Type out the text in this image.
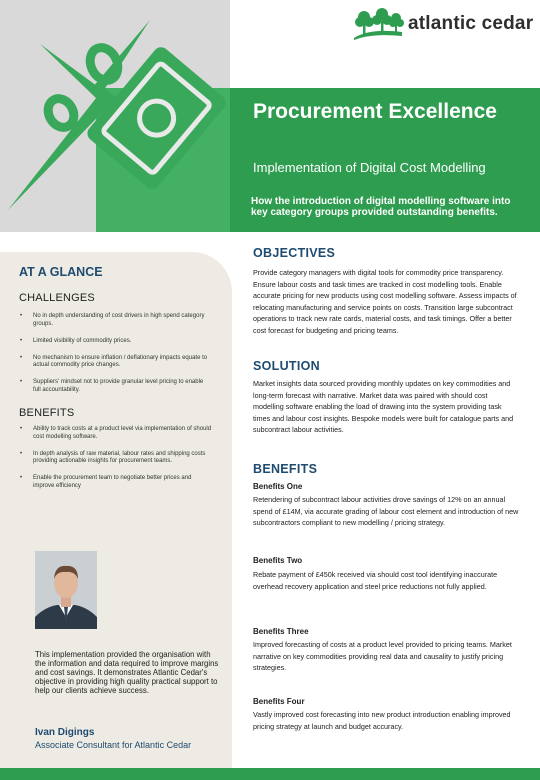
atlantic cedar
Procurement Excellence
Implementation of Digital Cost Modelling
How the introduction of digital modelling software into key category groups provided outstanding benefits.
AT A GLANCE
CHALLENGES
• No in depth understanding of cost drivers in high spend category groups.
• Limited visibility of commodity prices.
• No mechanism to ensure inflation / deflationary impacts equate to actual commodity price changes.
• Suppliers' mindset not to provide granular level pricing to enable full accountability.
BENEFITS
• Ability to track costs at a product level via implementation of should cost modelling software.
• In depth analysis of raw material, labour rates and shipping costs providing actionable insights for procurement teams.
• Enable the procurement team to negotiate better prices and improve efficiency
This implementation provided the organisation with the information and data required to improve margins and cost savings. It demonstrates Atlantic Cedar's objective in providing high quality practical support to help our clients achieve success.
Ivan Digings
Associate Consultant for Atlantic Cedar
OBJECTIVES
Provide category managers with digital tools for commodity price transparency. Ensure labour costs and task times are tracked in cost modelling tools. Enable accurate pricing for new products using cost modelling software. Assess impacts of relocating manufacturing and service points on costs. Transition large subcontract operations to track new rate cards, material costs, and task timings. Offer a better cost forecast for budgeting and pricing teams.
SOLUTION
Market insights data sourced providing monthly updates on key commodities and long-term forecast with narrative. Market data was paired with should cost modelling software enabling the load of drawing into the system providing task times and labour cost insights. Bespoke models were built for catalogue parts and subcontract labour activities.
BENEFITS
Benefits One
Retendering of subcontract labour activities drove savings of 12% on an annual spend of £14M, via accurate grading of labour cost element and introduction of new subcontractors compliant to new modelling / pricing strategy.
Benefits Two
Rebate payment of £450k received via should cost tool identifying inaccurate overhead recovery application and steel price reductions not fully applied.
Benefits Three
Improved forecasting of costs at a product level provided to pricing teams. Market narrative on key commodities providing real data and causality to justify pricing strategies.
Benefits Four
Vastly improved cost forecasting into new product introduction enabling improved pricing strategy at launch and budget accuracy.
